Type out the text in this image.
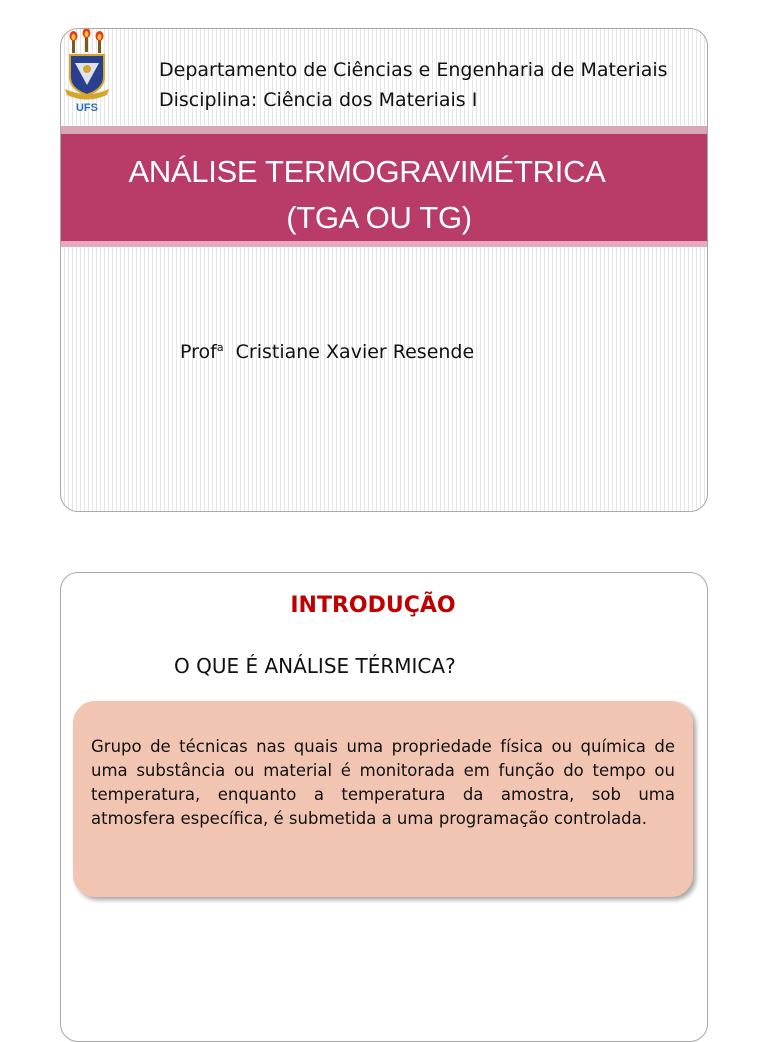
UFS
Departamento de Ciências e Engenharia de Materiais
Disciplina: Ciência dos Materiais I
ANÁLISE TERMOGRAVIMÉTRICA
(TGA OU TG)
Prof$^a$ Cristiane Xavier Resende
INTRODUÇÃO
O QUE É ANÁLISE TÉRMICA?
Grupo de técnicas nas quais uma propriedade física ou química de uma substância ou material é monitorada em função do tempo ou temperatura, enquanto a temperatura da amostra, sob uma atmosfera específica, é submetida a uma programação controlada.
